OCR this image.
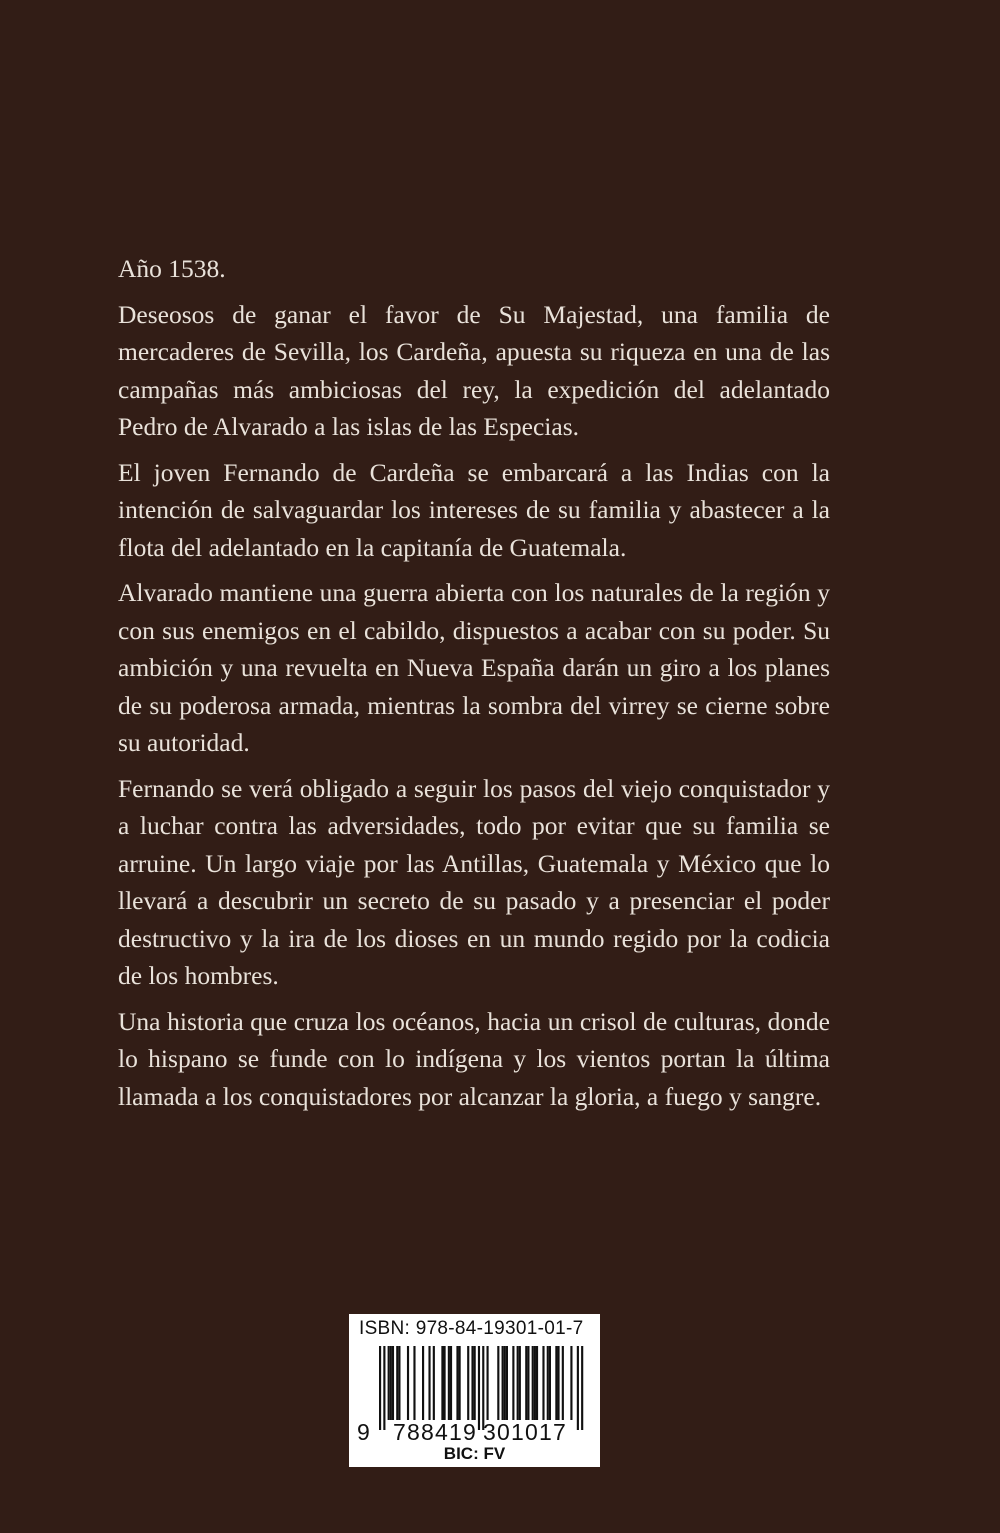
Año 1538.

Deseosos de ganar el favor de Su Majestad, una familia de mercaderes de Sevilla, los Cardeña, apuesta su riqueza en una de las campañas más ambiciosas del rey, la expedición del adelantado Pedro de Alvarado a las islas de las Especias.

El joven Fernando de Cardeña se embarcará a las Indias con la intención de salvaguardar los intereses de su familia y abastecer a la flota del adelantado en la capitanía de Guatemala.

Alvarado mantiene una guerra abierta con los naturales de la región y con sus enemigos en el cabildo, dispuestos a acabar con su poder. Su ambición y una revuelta en Nueva España darán un giro a los planes de su poderosa armada, mientras la sombra del virrey se cierne sobre su autoridad.

Fernando se verá obligado a seguir los pasos del viejo conquistador y a luchar contra las adversidades, todo por evitar que su familia se arruine. Un largo viaje por las Antillas, Guatemala y México que lo llevará a descubrir un secreto de su pasado y a presenciar el poder destructivo y la ira de los dioses en un mundo regido por la codicia de los hombres.

Una historia que cruza los océanos, hacia un crisol de culturas, donde lo hispano se funde con lo indígena y los vientos portan la última llamada a los conquistadores por alcanzar la gloria, a fuego y sangre.

ISBN: 978-84-19301-01-7
9 788419 301017
BIC: FV
